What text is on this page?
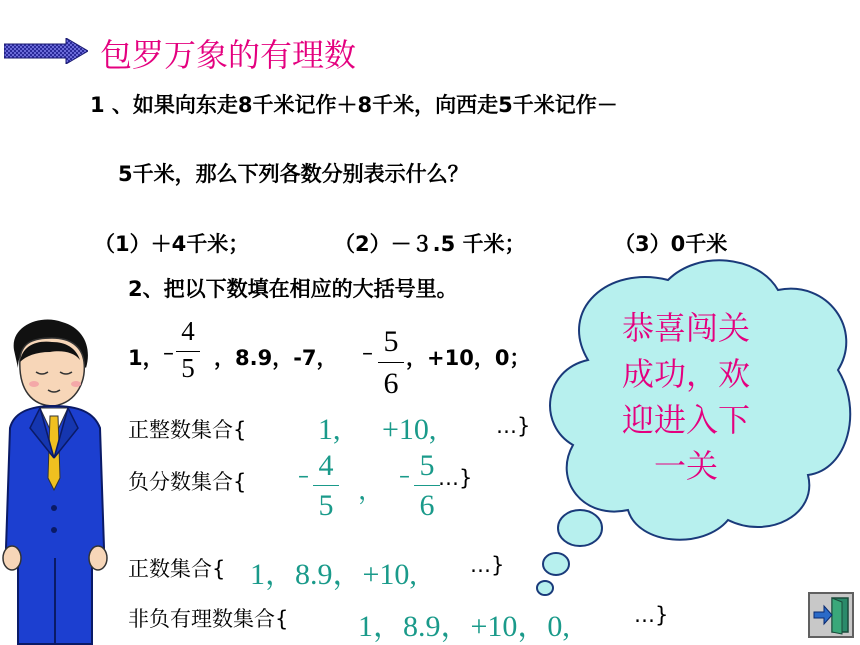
包罗万象的有理数
1 、如果向东走8千米记作＋8千米，向西走5千米记作－
5千米，那么下列各数分别表示什么？
（1）＋4千米；	（2）－３.5 千米；	（3）0千米
2、把以下数填在相应的大括号里。
1， –
4
5 ，8.9，-7， – 5
6
，+10，0；
正整数集合{ 1, +10,	…}
负分数集合{ – 4
5 ， – 5
6
…}
正数集合{ 1，8.9，+10,	…}
非负有理数集合{ 1，8.9，+10，0,	…}
恭喜闯关
成功，欢
迎进入下
一关
